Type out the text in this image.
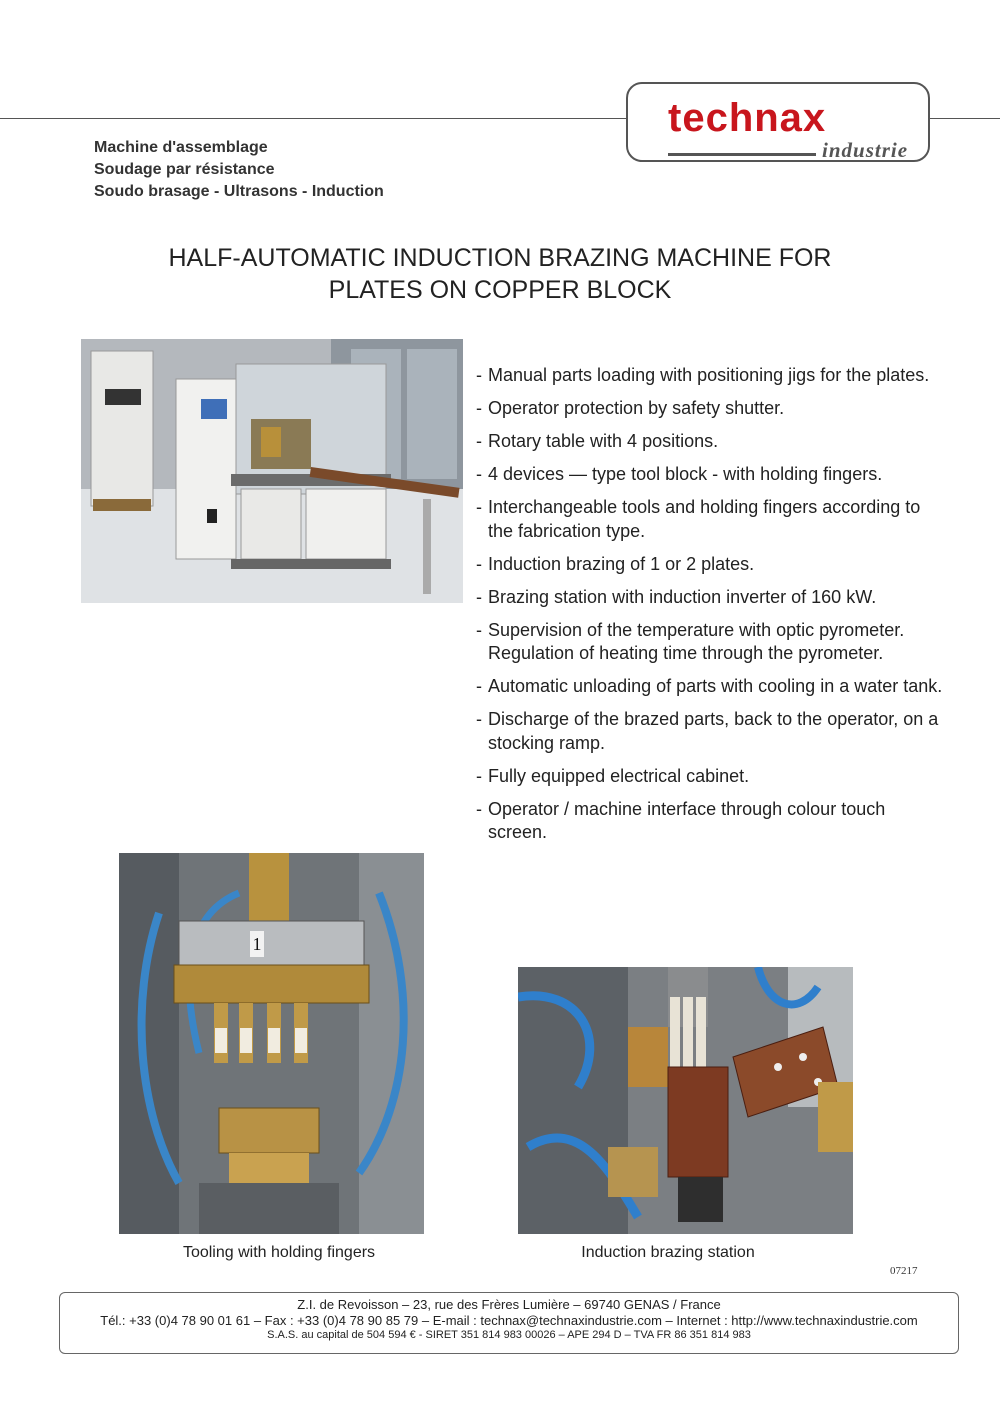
technax
industrie
Machine d'assemblage
Soudage par résistance
Soudo brasage - Ultrasons - Induction
HALF-AUTOMATIC INDUCTION BRAZING MACHINE FOR
PLATES ON COPPER BLOCK
- Manual parts loading with positioning jigs for the plates.
- Operator protection by safety shutter.
- Rotary table with 4 positions.
- 4 devices — type tool block - with holding fingers.
- Interchangeable tools and holding fingers according to the fabrication type.
- Induction brazing of 1 or 2 plates.
- Brazing station with induction inverter of 160 kW.
- Supervision of the temperature with optic pyrometer. Regulation of heating time through the pyrometer.
- Automatic unloading of parts with cooling in a water tank.
- Discharge of the brazed parts, back to the operator, on a stocking ramp.
- Fully equipped electrical cabinet.
- Operator / machine interface through colour touch screen.
1
Tooling with holding fingers	Induction brazing station
07217
Z.I. de Revoisson – 23, rue des Frères Lumière – 69740 GENAS / France
Tél.: +33 (0)4 78 90 01 61 – Fax : +33 (0)4 78 90 85 79 – E-mail : technax@technaxindustrie.com – Internet : http://www.technaxindustrie.com
S.A.S. au capital de 504 594 € - SIRET 351 814 983 00026 – APE 294 D – TVA FR 86 351 814 983
